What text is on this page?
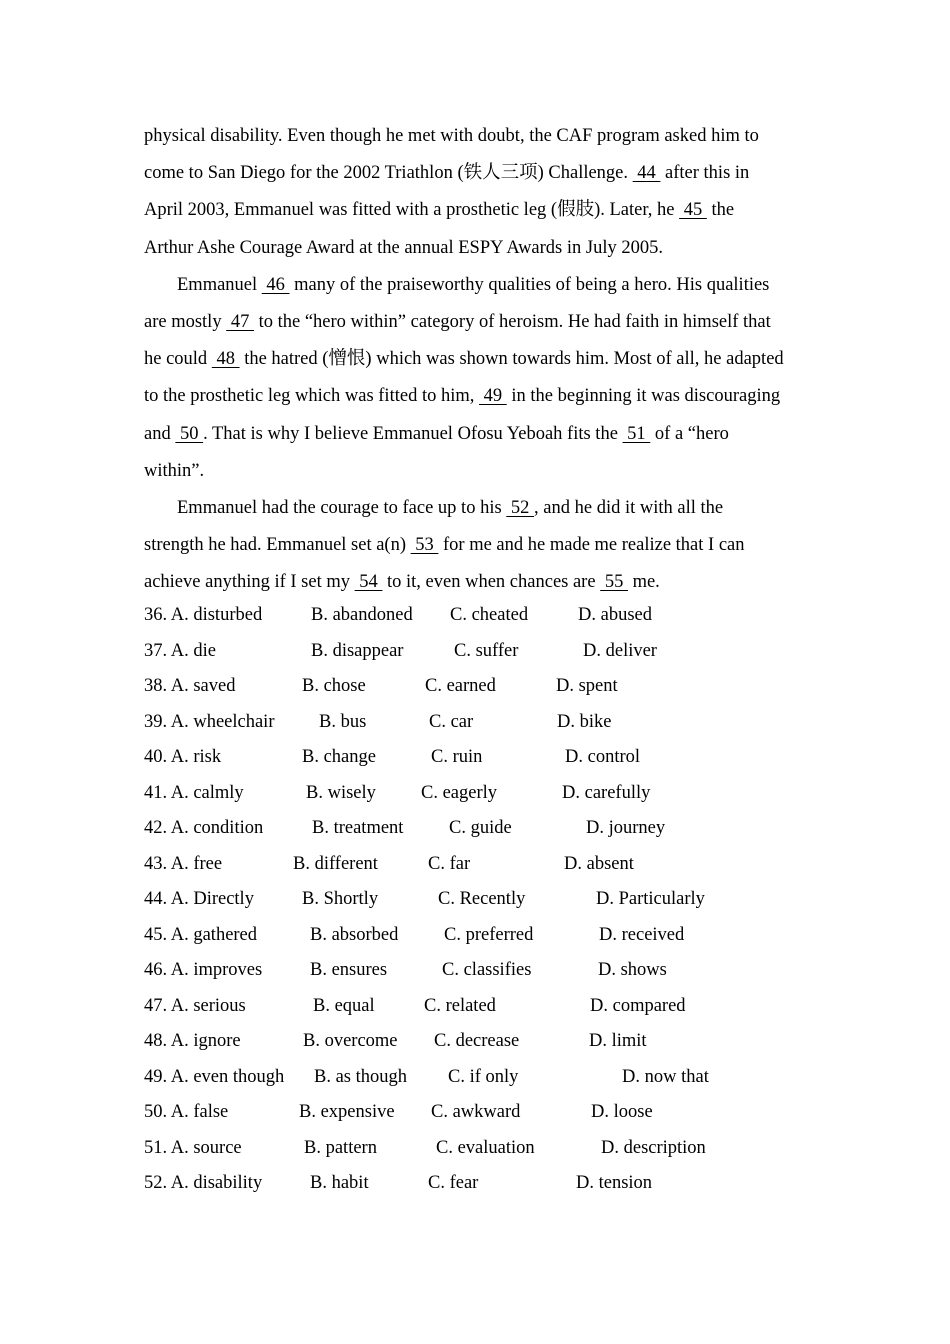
physical disability. Even though he met with doubt, the CAF program asked him to
come to San Diego for the 2002 Triathlon (铁人三项) Challenge.  44  after this in
April 2003, Emmanuel was fitted with a prosthetic leg (假肢). Later, he  45  the
Arthur Ashe Courage Award at the annual ESPY Awards in July 2005.
Emmanuel  46  many of the praiseworthy qualities of being a hero. His qualities
are mostly  47  to the “hero within” category of heroism. He had faith in himself that
he could  48  the hatred (憎恨) which was shown towards him. Most of all, he adapted
to the prosthetic leg which was fitted to him,  49  in the beginning it was discouraging
and  50 . That is why I believe Emmanuel Ofosu Yeboah fits the  51  of a “hero
within”.
Emmanuel had the courage to face up to his  52 , and he did it with all the
strength he had. Emmanuel set a(n)  53  for me and he made me realize that I can
achieve anything if I set my  54  to it, even when chances are  55  me.
36. A. disturbed	B. abandoned C. cheated	D. abused
37. A. die	B. disappear	C. suffer	D. deliver
38. A. saved	B. chose	C. earned	D. spent
39. A. wheelchair B. bus	C. car	D. bike
40. A. risk	B. change	C. ruin	D. control
41. A. calmly	B. wisely C. eagerly	D. carefully
42. A. condition	B. treatment C. guide	D. journey
43. A. free	B. different	C. far	D. absent
44. A. Directly	B. Shortly	C. Recently	D. Particularly
45. A. gathered	B. absorbed C. preferred	D. received
46. A. improves	B. ensures	C. classifies	D. shows
47. A. serious	B. equal	C. related	D. compared
48. A. ignore	B. overcome C. decrease	D. limit
49. A. even though B. as though C. if only	D. now that
50. A. false	B. expensive C. awkward	D. loose
51. A. source	B. pattern	C. evaluation	D. description
52. A. disability	B. habit	C. fear	D. tension
